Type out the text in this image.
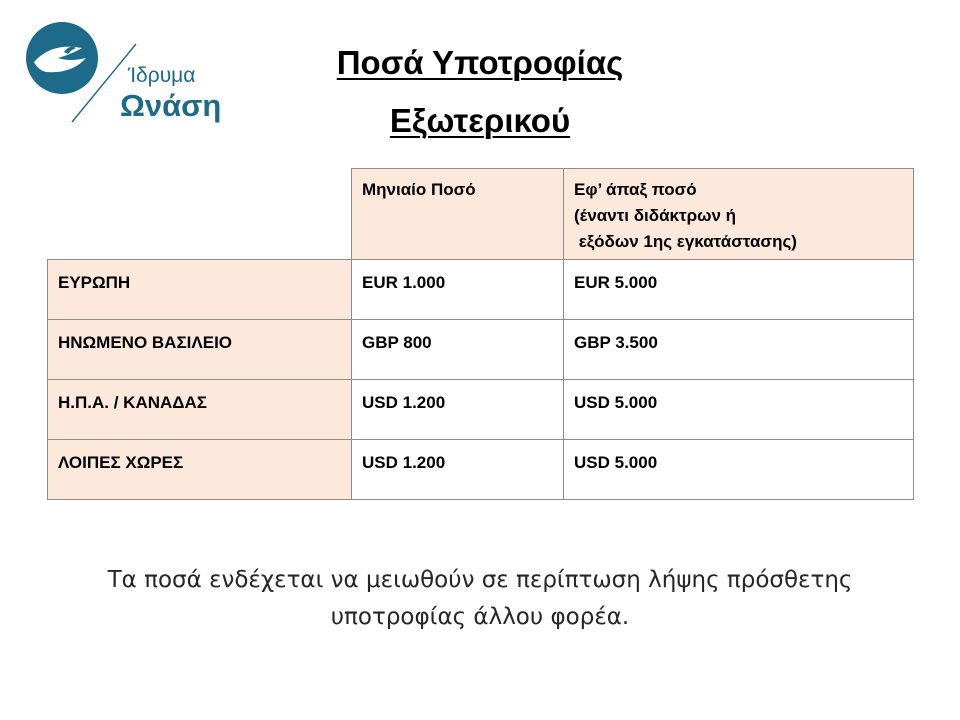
Ίδρυμα
Ωνάση
Ποσά Υποτροφίας
Εξωτερικού
	Μηνιαίο Ποσό	Εφ’ άπαξ ποσό
(έναντι διδάκτρων ή
εξόδων 1ης εγκατάστασης)

ΕΥΡΩΠΗ	EUR 1.000	EUR 5.000
ΗΝΩΜΕΝΟ ΒΑΣΙΛΕΙΟ	GBP 800	GBP 3.500
Η.Π.Α. / ΚΑΝΑΔΑΣ	USD 1.200	USD 5.000
ΛΟΙΠΕΣ ΧΩΡΕΣ	USD 1.200	USD 5.000
Τα ποσά ενδέχεται να μειωθούν σε περίπτωση λήψης πρόσθετης
υποτροφίας άλλου φορέα.
